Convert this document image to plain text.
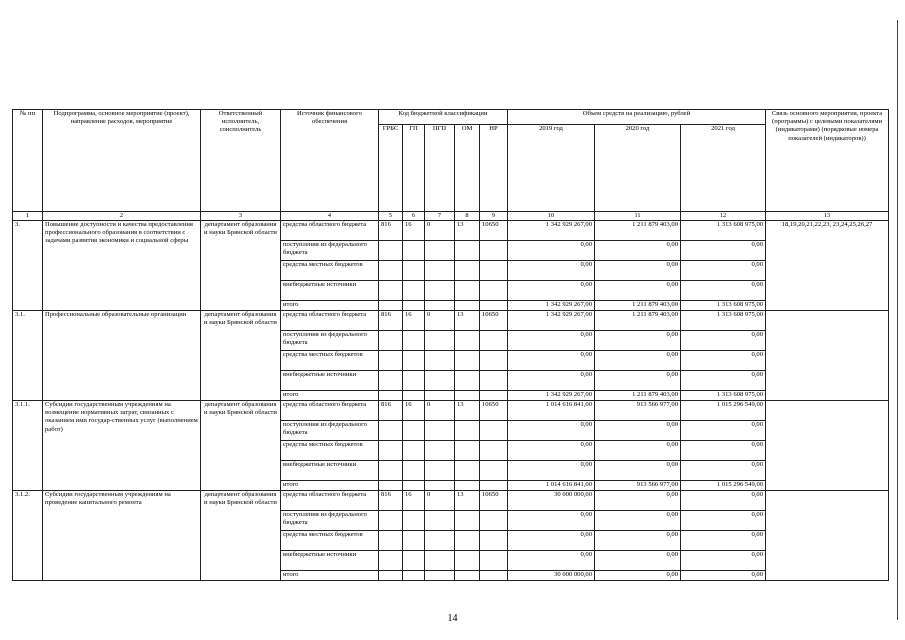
№ пп	Подпрограмма, основное мероприятие (проект), направление расходов, мероприятие	Ответственный исполнитель, соисполнитель	Источник финансового обеспечения	Код бюджетной классификации					Объем средств на реализацию, рублей			Связь основного мероприятия, проекта (программы) с целевыми показателями (индикаторами) (порядковые номера показателей (индикаторов))
				ГРБС	ГП	ПГП	ОМ	НР	2019 год	2020 год	2021 год	
1	2	3	4	5	6	7	8	9	10	11	12	13
3.	Повышение доступности и качества предоставления профессионального образования в соответствии с задачами развития экономики и социальной сферы	департамент образования и науки Брянской области	средства областного бюджета	816	16	0	13	10650	1 342 929 267,00	1 211 879 403,00	1 313 608 975,00	18,19,20,21,22,23, 23,24,25,26,27
			поступления из федерального бюджета						0,00	0,00	0,00	
			средства местных бюджетов						0,00	0,00	0,00	
			внебюджетные источники						0,00	0,00	0,00	
			итого						1 342 929 267,00	1 211 879 403,00	1 313 608 975,00	
3.1.	Профессиональные образовательные организации	департамент образования и науки Брянской области	средства областного бюджета	816	16	0	13	10650	1 342 929 267,00	1 211 879 403,00	1 313 608 975,00	
			поступления из федерального бюджета						0,00	0,00	0,00	
			средства местных бюджетов						0,00	0,00	0,00	
			внебюджетные источники						0,00	0,00	0,00	
			итого						1 342 929 267,00	1 211 879 403,00	1 313 608 975,00	
3.1.1.	Субсидии государственным учреждениям на возмещение нормативных затрат, связанных с оказанием ими государ-ственных услуг (выполнением работ)	департамент образования и науки Брянской области	средства областного бюджета	816	16	0	13	10650	1 014 616 841,00	913 566 977,00	1 015 296 549,00	
			поступления из федерального бюджета						0,00	0,00	0,00	
			средства местных бюджетов						0,00	0,00	0,00	
			внебюджетные источники						0,00	0,00	0,00	
			итого						1 014 616 841,00	913 566 977,00	1 015 296 549,00	
3.1.2.	Субсидии государственным учреждениям на проведение капитального ремонта	департамент образования и науки Брянской области	средства областного бюджета	816	16	0	13	10650	30 000 000,00	0,00	0,00	
			поступления из федерального бюджета						0,00	0,00	0,00	
			средства местных бюджетов						0,00	0,00	0,00	
			внебюджетные источники						0,00	0,00	0,00	
			итого						30 000 000,00	0,00	0,00	
14
